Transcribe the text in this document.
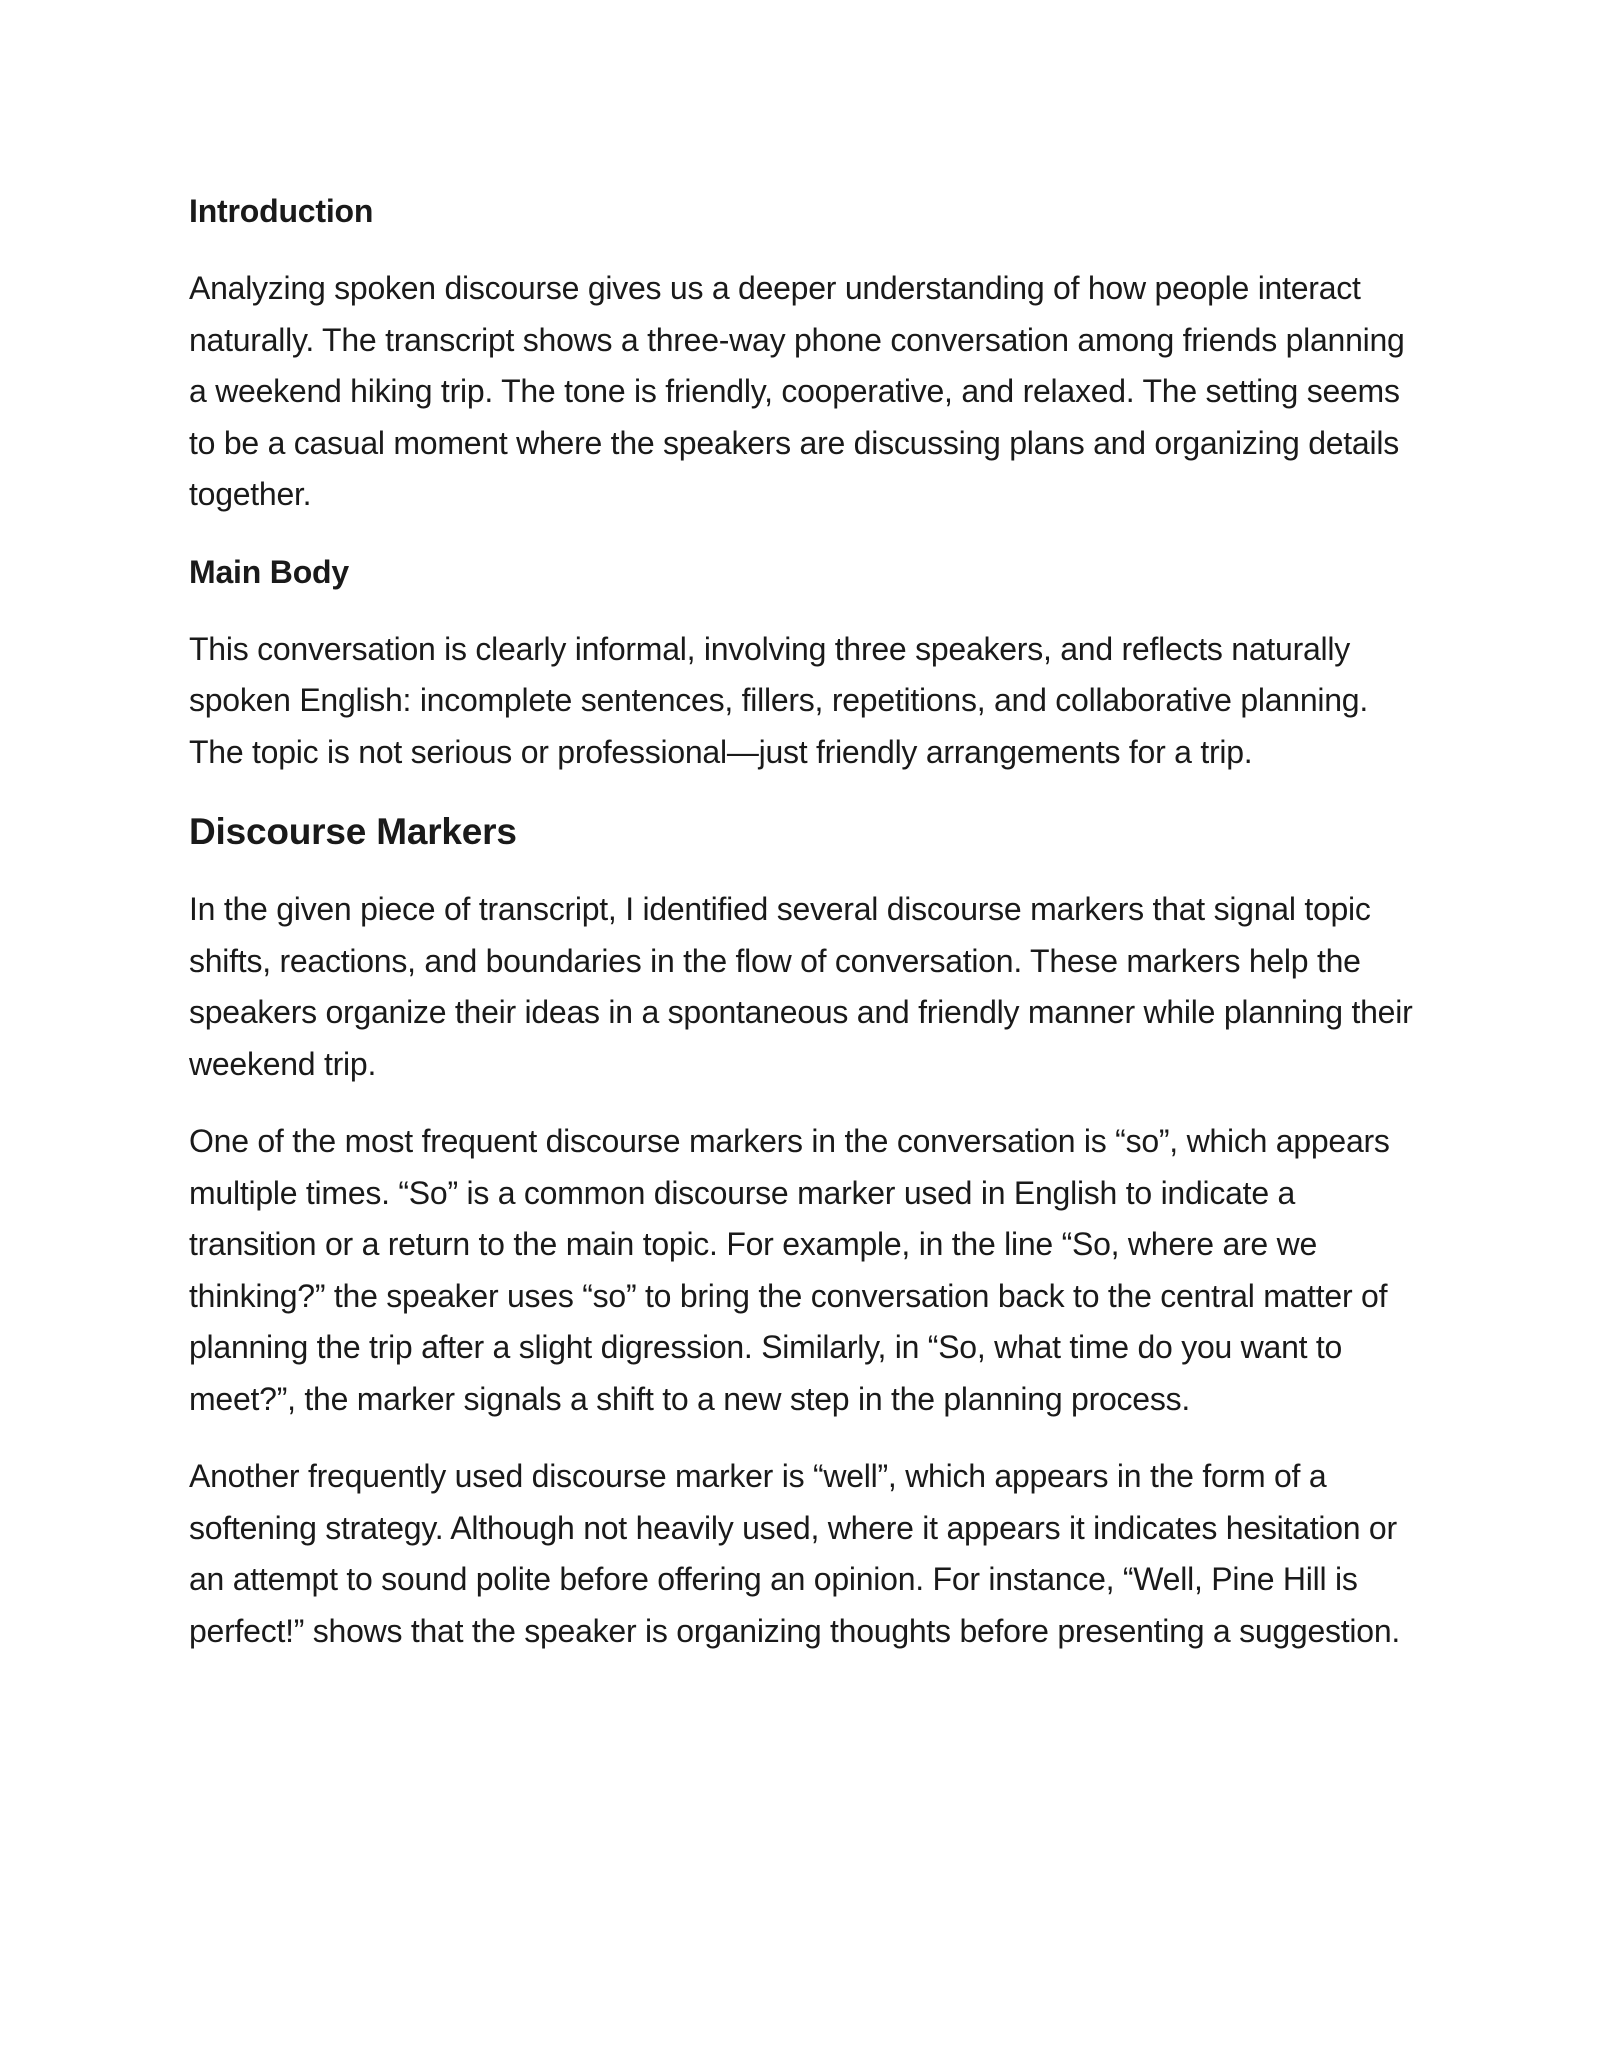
Introduction

Analyzing spoken discourse gives us a deeper understanding of how people interact naturally. The transcript shows a three-way phone conversation among friends planning a weekend hiking trip. The tone is friendly, cooperative, and relaxed. The setting seems to be a casual moment where the speakers are discussing plans and organizing details together.

Main Body

This conversation is clearly informal, involving three speakers, and reflects naturally spoken English: incomplete sentences, fillers, repetitions, and collaborative planning. The topic is not serious or professional—just friendly arrangements for a trip.

Discourse Markers

In the given piece of transcript, I identified several discourse markers that signal topic shifts, reactions, and boundaries in the flow of conversation. These markers help the speakers organize their ideas in a spontaneous and friendly manner while planning their weekend trip.

One of the most frequent discourse markers in the conversation is “so”, which appears multiple times. “So” is a common discourse marker used in English to indicate a transition or a return to the main topic. For example, in the line “So, where are we thinking?” the speaker uses “so” to bring the conversation back to the central matter of planning the trip after a slight digression. Similarly, in “So, what time do you want to meet?”, the marker signals a shift to a new step in the planning process.

Another frequently used discourse marker is “well”, which appears in the form of a softening strategy. Although not heavily used, where it appears it indicates hesitation or an attempt to sound polite before offering an opinion. For instance, “Well, Pine Hill is perfect!” shows that the speaker is organizing thoughts before presenting a suggestion.
